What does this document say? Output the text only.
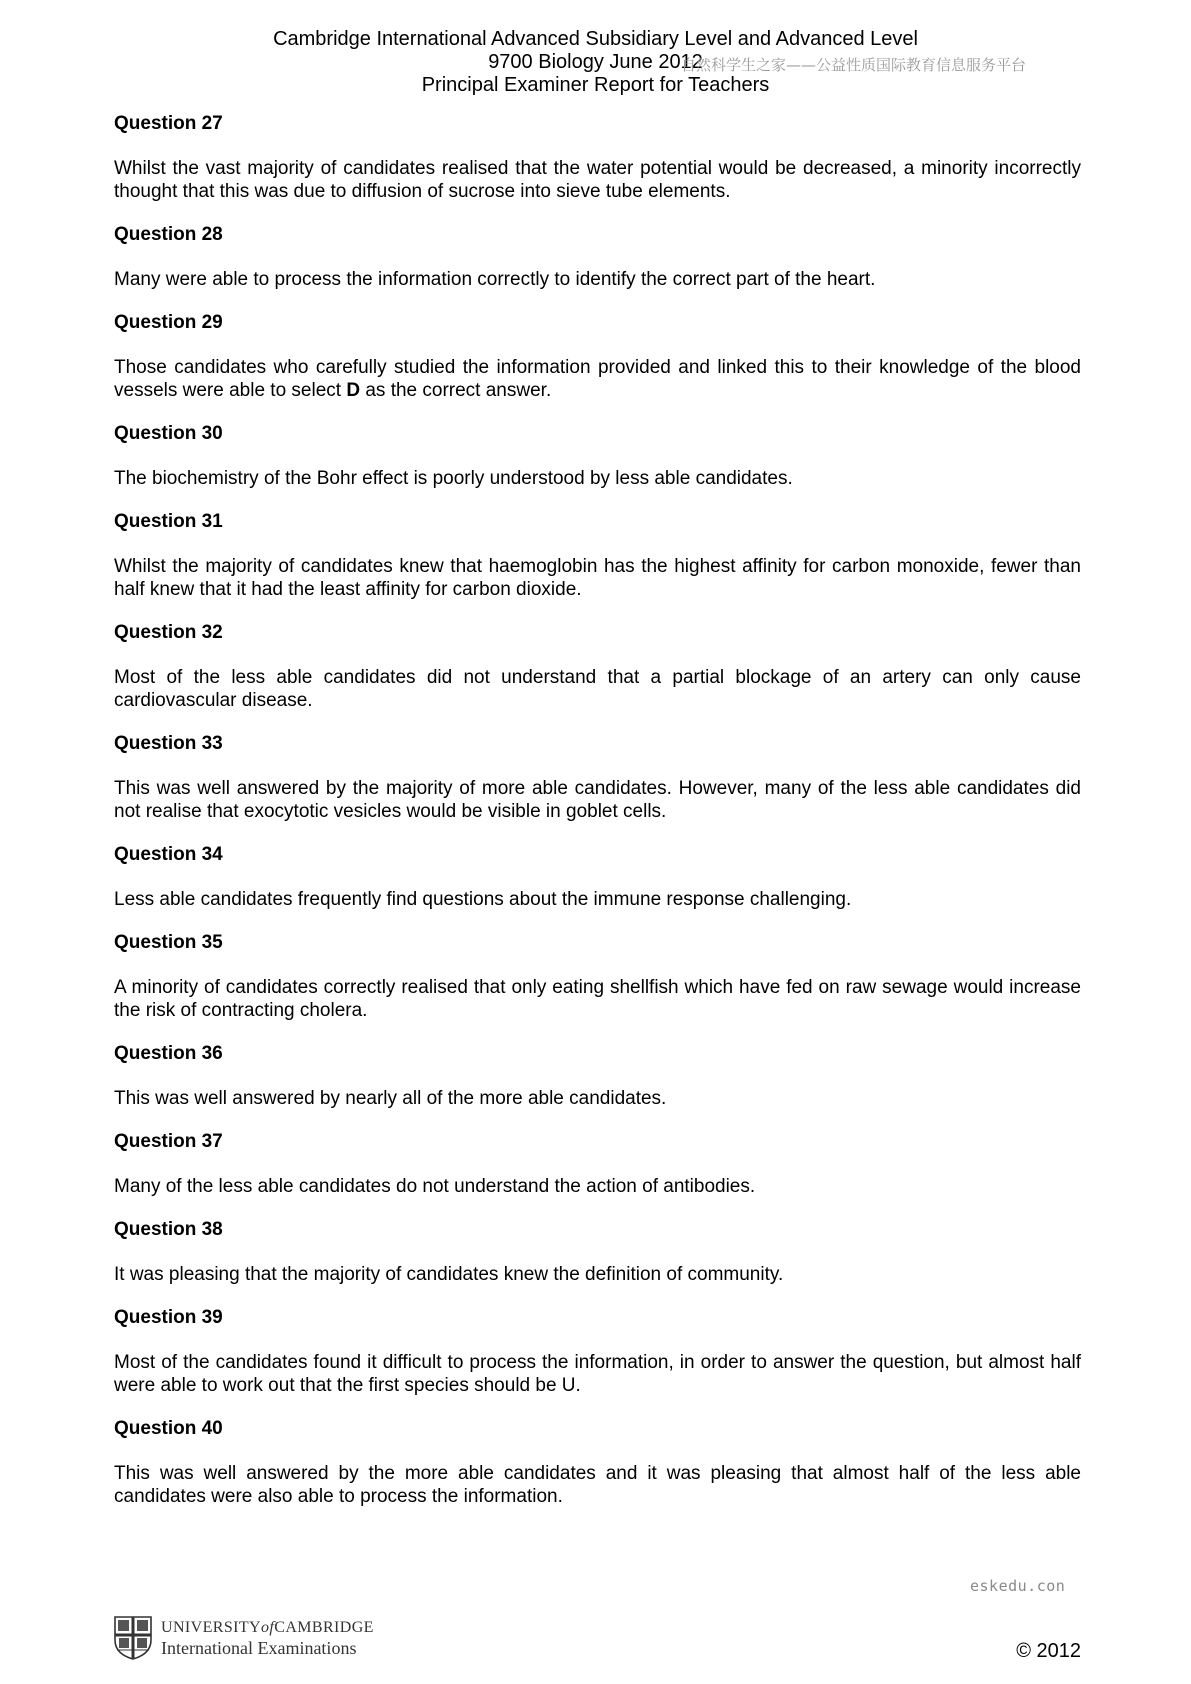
Cambridge International Advanced Subsidiary Level and Advanced Level
9700 Biology June 2012
Principal Examiner Report for Teachers
自然科学生之家——公益性质国际教育信息服务平台

Question 27

Whilst the vast majority of candidates realised that the water potential would be decreased, a minority incorrectly thought that this was due to diffusion of sucrose into sieve tube elements.

Question 28

Many were able to process the information correctly to identify the correct part of the heart.

Question 29

Those candidates who carefully studied the information provided and linked this to their knowledge of the blood vessels were able to select D as the correct answer.

Question 30

The biochemistry of the Bohr effect is poorly understood by less able candidates.

Question 31

Whilst the majority of candidates knew that haemoglobin has the highest affinity for carbon monoxide, fewer than half knew that it had the least affinity for carbon dioxide.

Question 32

Most of the less able candidates did not understand that a partial blockage of an artery can only cause cardiovascular disease.

Question 33

This was well answered by the majority of more able candidates. However, many of the less able candidates did not realise that exocytotic vesicles would be visible in goblet cells.

Question 34

Less able candidates frequently find questions about the immune response challenging.

Question 35

A minority of candidates correctly realised that only eating shellfish which have fed on raw sewage would increase the risk of contracting cholera.

Question 36

This was well answered by nearly all of the more able candidates.

Question 37

Many of the less able candidates do not understand the action of antibodies.

Question 38

It was pleasing that the majority of candidates knew the definition of community.

Question 39

Most of the candidates found it difficult to process the information, in order to answer the question, but almost half were able to work out that the first species should be U.

Question 40

This was well answered by the more able candidates and it was pleasing that almost half of the less able candidates were also able to process the information.

eskedu.con
UNIVERSITYofCAMBRIDGE
International Examinations	© 2012
